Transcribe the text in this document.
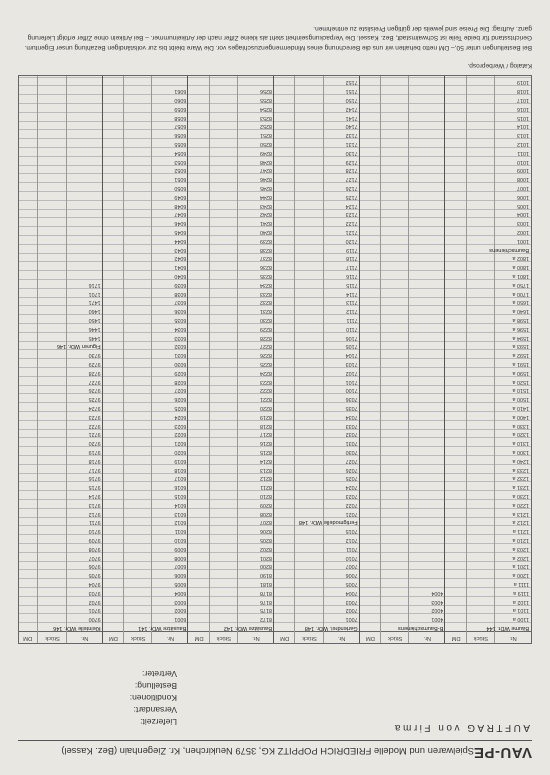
VAU-PE
Spielwaren und Modelle FRIEDRICH POPPITZ KG, 3579 Neukirchen, Kr. Ziegenhain (Bez. Kassel)
AUFTRAG von Firma
Lieferzeit:
Versandart:
Konditionen:
Bestellung:
Vertreter:
Nr.
Stück
DM
Bäume WDr. 144
1100 a
1101 a
1102 a
1119 a
1111 a
1200 a
1201 a
1202 a
1203 a
1210 a
1211 a
1212 a
1213 a
1220 a
1230 a
1231 a
1232 a
1233 a
1240 a
1300 a
1310 a
1320 a
1330 a
1400 a
1410 a
1500 a
1510 a
1520 a
1590 a
1591 a
1592 a
1593 a
1594 a
1596 a
1598 a
1640 a
1650 a
1700 a
1750 a
1801 a
1800 a
1802 a
Baumschienens
1001
1002
1003
1004
1005
1006
1007
1008
1009
1010
1011
1012
1013
1014
1015
1016
1017
1018
1019
Nr.
Stück
DM
B-Baumschienens
4001
4002
4003
4004
Nr.
Stück
DM
Gartendrei. WDr. 148
7001
7002
7003
7004
7005
7006
7007
7010
7011
7012
7015
Fertigmodelle WDr. 148
7021
7022
7023
7024
7025
7026
7027
7030
7031
7032
7033
7034
7035
7036
7100
7101
7102
7103
7104
7105
7106
7110
7111
7112
7113
7114
7115
7116
7117
7118
7119
7120
7121
7122
7123
7124
7125
7126
7127
7128
7129
7130
7131
7132
7140
7141
7142
7150
7151
7152
Nr.
Stück
DM
Bausätze WDr. 142
8172
8175
8176
8178
8181
8190
8200
8201
8202
8205
8206
8207
8208
8209
8210
8211
8212
8213
8214
8215
8216
8217
8218
8219
8220
8221
8222
8223
8224
8225
8226
8227
8228
8229
8230
8231
8232
8233
8234
8235
8236
8237
8238
8239
8240
8241
8242
8243
8244
8245
8246
8247
8248
8249
8250
8251
8252
8253
8254
8255
8256
Nr.
Stück
DM
Bausätze WDr. 141
6001
6002
6003
6004
6005
6006
6007
6008
6009
6010
6011
6012
6013
6014
6015
6016
6017
6018
6019
6020
6021
6022
6023
6024
6025
6026
6027
6028
6029
6030
6031
6032
6033
6034
6035
6036
6037
6038
6039
6040
6041
6042
6043
6044
6045
6046
6047
6048
6049
6050
6051
6052
6053
6054
6055
6056
6057
6058
6059
6060
6061
Nr.
Stück
DM
Kleinteile WDr. 146
9700
9701
9702
9703
9704
9705
9706
9707
9708
9709
9710
9711
9712
9713
9714
9715
9716
9717
9718
9719
9720
9721
9722
9723
9724
9725
9726
9727
9728
9729
9730
Figuren WDr. 146
1445
1446
1450
1460
1471
1701
1716
Katalog / Werbeprosp.
Bei Bestellungen unter 50,– DM netto behalten wir uns die Berechnung eines Mindermengenzuschlages vor. Die Ware bleibt bis zur vollständigen Bezahlung unser Eigentum. Gerichtsstand für beide Teile ist Schwalmstadt, Bez. Kassel. Die Verpackungseinheit steht als kleine Ziffer nach der Artikelnummer. – Bei Artikeln ohne Ziffer erfolgt Lieferung ganz. Auftrag: Die Preise sind jeweils der gültigen Preisliste zu entnehmen.
